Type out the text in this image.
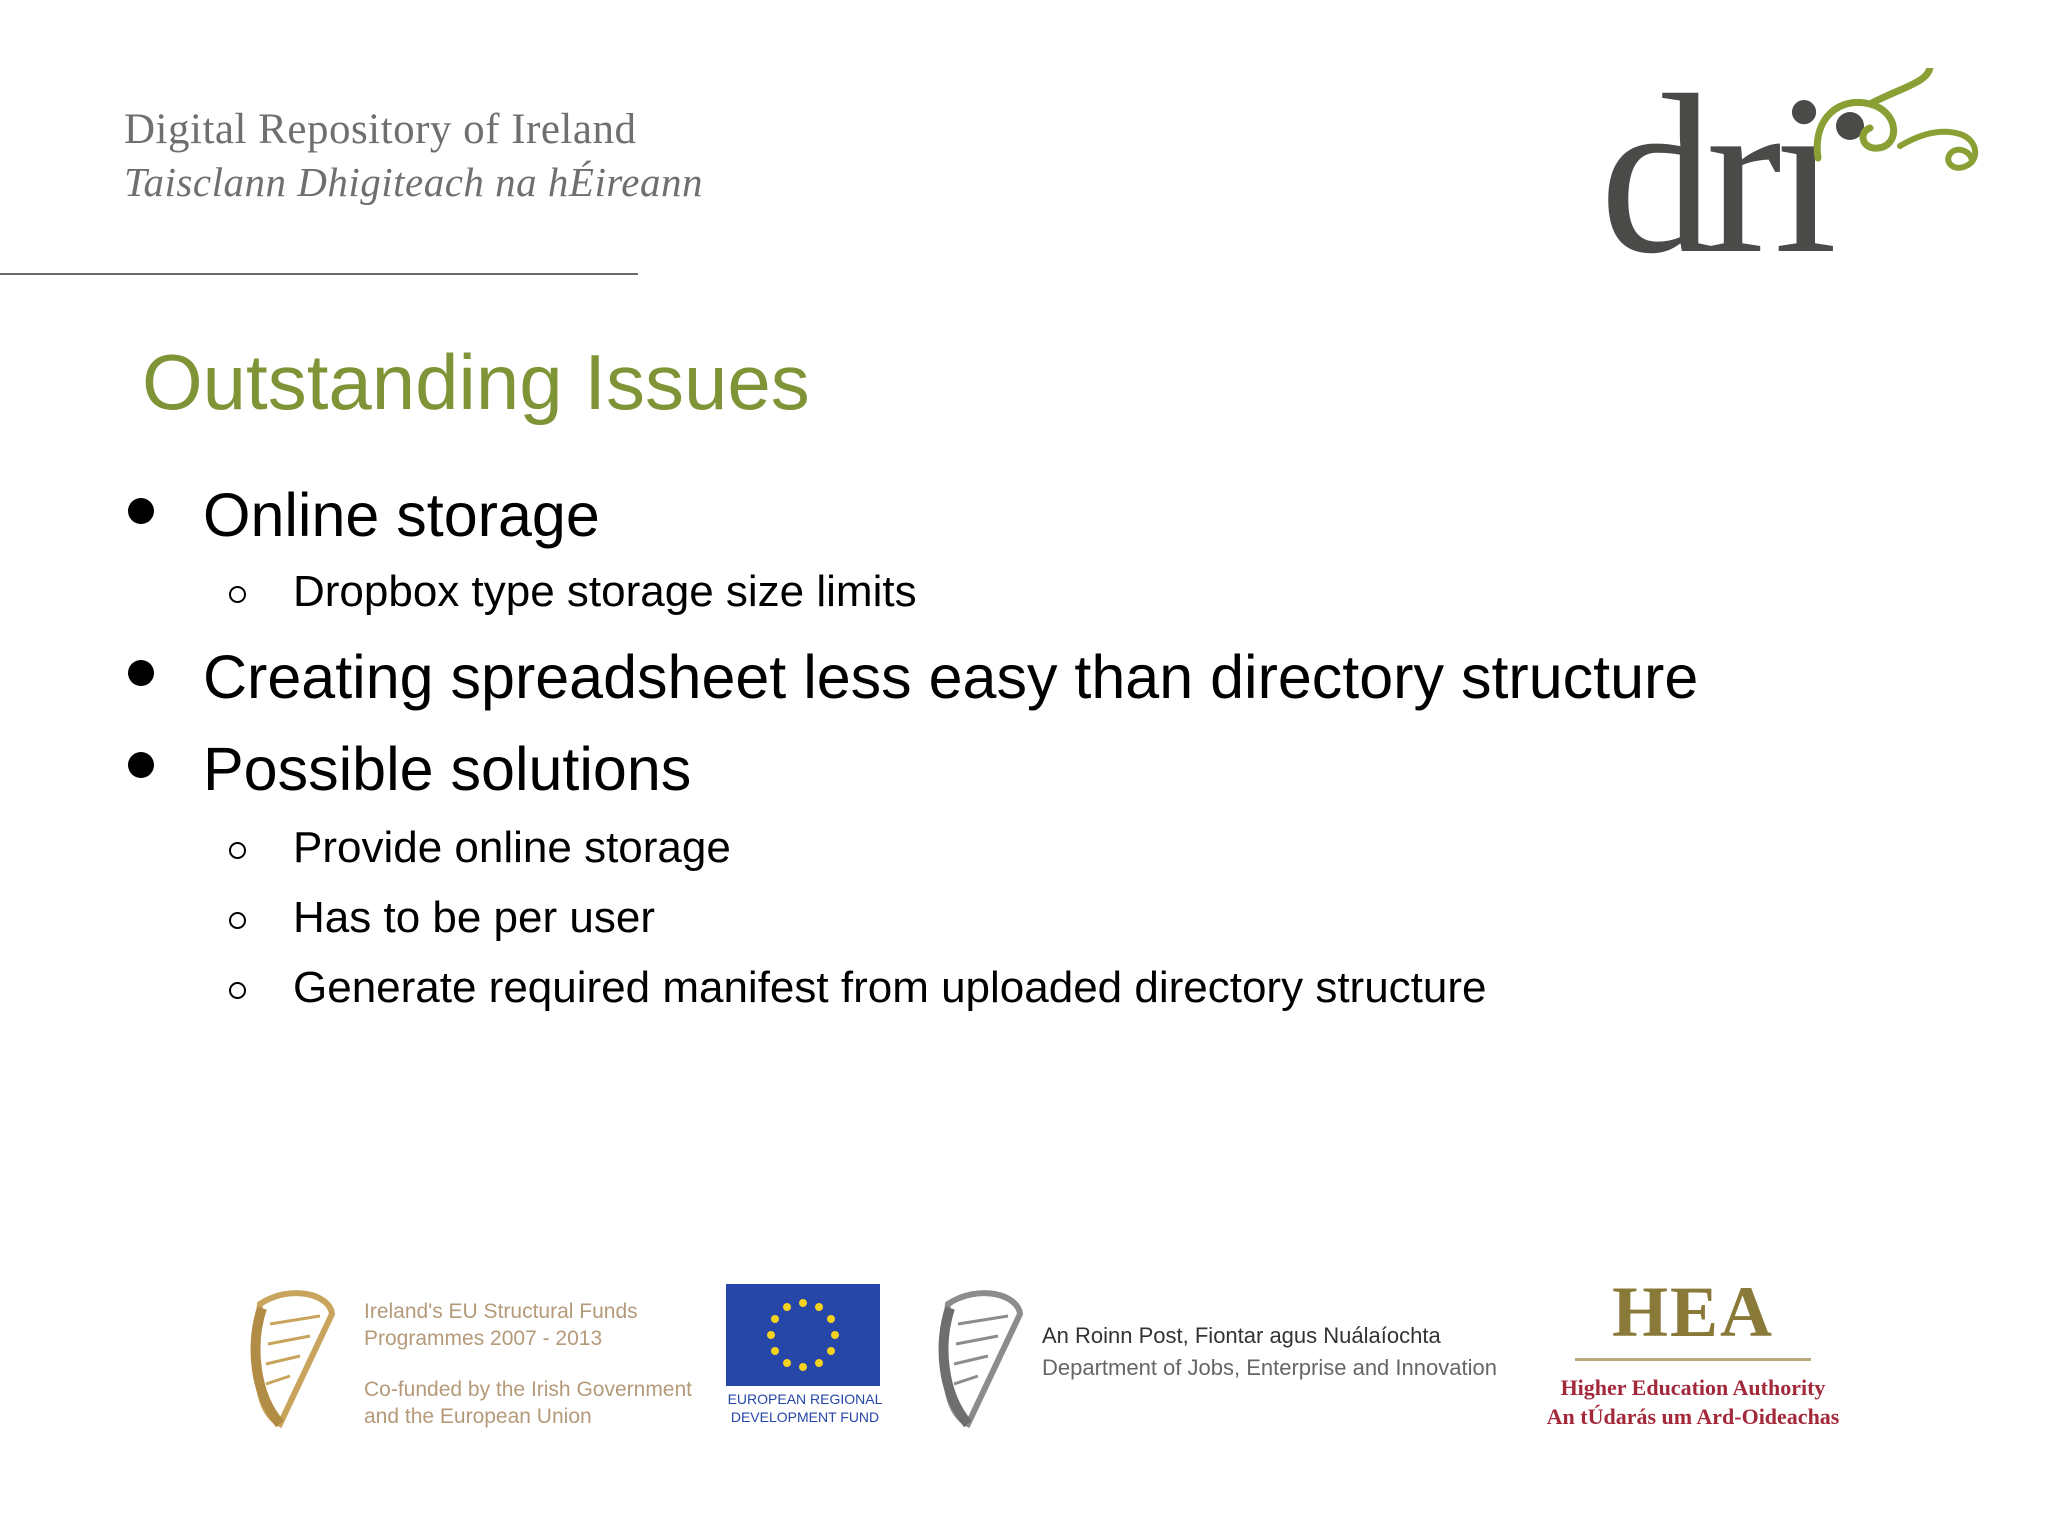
Digital Repository of Ireland
Taisclann Dhigiteach na hÉireann	dri
Outstanding Issues
Online storage
Dropbox type storage size limits
Creating spreadsheet less easy than directory structure
Possible solutions
Provide online storage
Has to be per user
Generate required manifest from uploaded directory structure
Ireland's EU Structural Funds
Programmes 2007 - 2013
Co-funded by the Irish Government
and the European Union
EUROPEAN REGIONAL
DEVELOPMENT FUND
An Roinn Post, Fiontar agus Nuálaíochta
Department of Jobs, Enterprise and Innovation
HEA
Higher Education Authority
An tÚdarás um Ard-Oideachas
